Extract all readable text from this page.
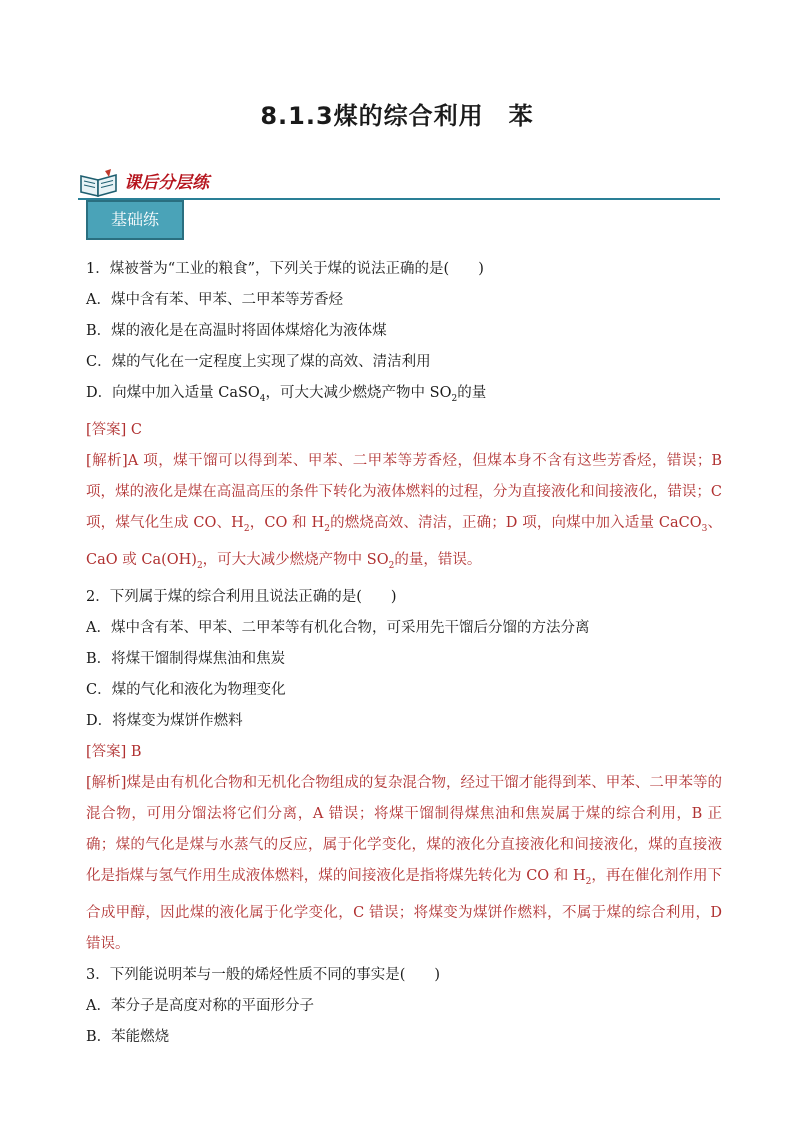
8.1.3煤的综合利用　苯
课后分层练
基础练
1．煤被誉为“工业的粮食”，下列关于煤的说法正确的是(　　)
A．煤中含有苯、甲苯、二甲苯等芳香烃
B．煤的液化是在高温时将固体煤熔化为液体煤
C．煤的气化在一定程度上实现了煤的高效、清洁利用
D．向煤中加入适量 CaSO$_4$，可大大减少燃烧产物中 $SO_2$的量
[答案] C
[解析]A 项，煤干馏可以得到苯、甲苯、二甲苯等芳香烃，但煤本身不含有这些芳香烃，错误；B 项，煤的液化是煤在高温高压的条件下转化为液体燃料的过程，分为直接液化和间接液化，错误；C 项，煤气化生成 CO、$H_2$，CO 和 $H_2$的燃烧高效、清洁，正确；D 项，向煤中加入适量 CaCO$_3$、CaO 或 $Ca(OH)_2$，可大大减少燃烧产物中 $SO_2$的量，错误。
2．下列属于煤的综合利用且说法正确的是(　　)
A．煤中含有苯、甲苯、二甲苯等有机化合物，可采用先干馏后分馏的方法分离
B．将煤干馏制得煤焦油和焦炭
C．煤的气化和液化为物理变化
D．将煤变为煤饼作燃料
[答案] B
[解析]煤是由有机化合物和无机化合物组成的复杂混合物，经过干馏才能得到苯、甲苯、二甲苯等的混合物，可用分馏法将它们分离，A 错误；将煤干馏制得煤焦油和焦炭属于煤的综合利用，B 正确；煤的气化是煤与水蒸气的反应，属于化学变化，煤的液化分直接液化和间接液化，煤的直接液化是指煤与氢气作用生成液体燃料，煤的间接液化是指将煤先转化为 CO 和 $H_2$，再在催化剂作用下合成甲醇，因此煤的液化属于化学变化，C 错误；将煤变为煤饼作燃料，不属于煤的综合利用，D 错误。
3．下列能说明苯与一般的烯烃性质不同的事实是(　　)
A．苯分子是高度对称的平面形分子
B．苯能燃烧
